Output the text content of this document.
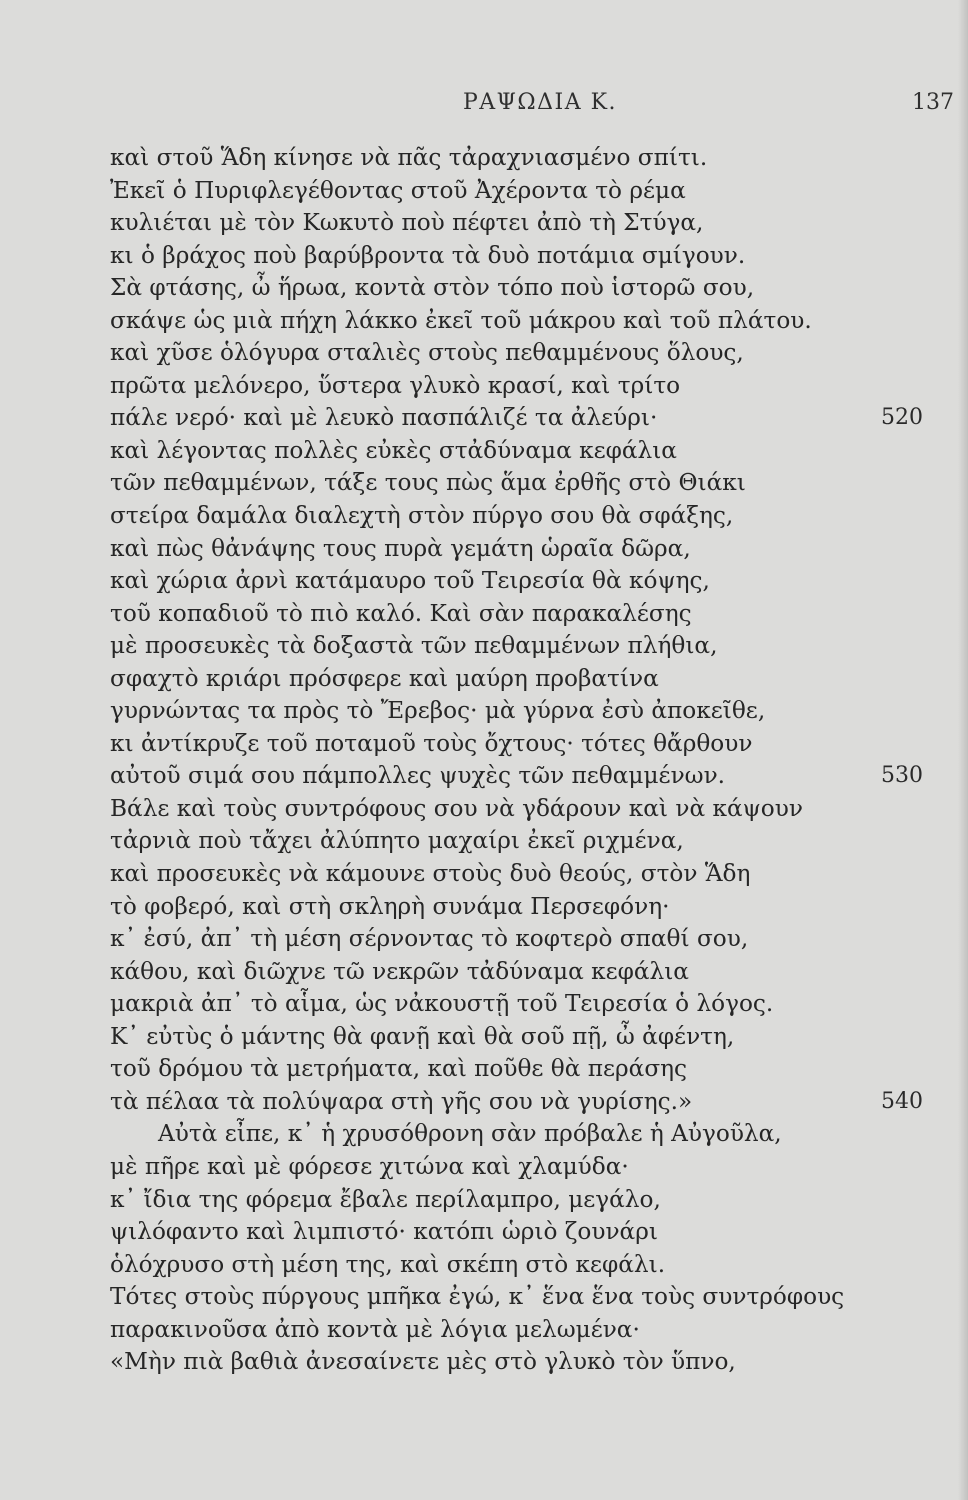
ΡΑΨΩΔΙΑ Κ.	137
καὶ στοῦ Ἅδη κίνησε νὰ πᾶς τἀραχνιασμένο σπίτι.
Ἐκεῖ ὁ Πυριφλεγέθοντας στοῦ Ἀχέροντα τὸ ρέμα
κυλιέται μὲ τὸν Κωκυτὸ ποὺ πέφτει ἀπὸ τὴ Στύγα,
κι ὁ βράχος ποὺ βαρύβροντα τὰ δυὸ ποτάμια σμίγουν.
Σὰ φτάσης, ὦ ἥρωα, κοντὰ στὸν τόπο ποὺ ἱστορῶ σου,
σκάψε ὡς μιὰ πήχη λάκκο ἐκεῖ τοῦ μάκρου καὶ τοῦ πλάτου.
καὶ χῦσε ὁλόγυρα σταλιὲς στοὺς πεθαμμένους ὅλους,
πρῶτα μελόνερο, ὕστερα γλυκὸ κρασί, καὶ τρίτο
πάλε νερό· καὶ μὲ λευκὸ πασπάλιζέ τα ἀλεύρι·	520
καὶ λέγοντας πολλὲς εὐκὲς στἀδύναμα κεφάλια
τῶν πεθαμμένων, τάξε τους πὼς ἅμα ἐρθῆς στὸ Θιάκι
στείρα δαμάλα διαλεχτὴ στὸν πύργο σου θὰ σφάξης,
καὶ πὼς θἀνάψης τους πυρὰ γεμάτη ὡραῖα δῶρα,
καὶ χώρια ἀρνὶ κατάμαυρο τοῦ Τειρεσία θὰ κόψης,
τοῦ κοπαδιοῦ τὸ πιὸ καλό. Καὶ σὰν παρακαλέσης
μὲ προσευκὲς τὰ δοξαστὰ τῶν πεθαμμένων πλήθια,
σφαχτὸ κριάρι πρόσφερε καὶ μαύρη προβατίνα
γυρνώντας τα πρὸς τὸ Ἔρεβος· μὰ γύρνα ἐσὺ ἀποκεῖθε,
κι ἀντίκρυζε τοῦ ποταμοῦ τοὺς ὄχτους· τότες θἄρθουν
αὐτοῦ σιμά σου πάμπολλες ψυχὲς τῶν πεθαμμένων.	530
Βάλε καὶ τοὺς συντρόφους σου νὰ γδάρουν καὶ νὰ κάψουν
τἀρνιὰ ποὺ τἄχει ἀλύπητο μαχαίρι ἐκεῖ ριχμένα,
καὶ προσευκὲς νὰ κάμουνε στοὺς δυὸ θεούς, στὸν Ἅδη
τὸ φοβερό, καὶ στὴ σκληρὴ συνάμα Περσεφόνη·
κ᾽ ἐσύ, ἀπ᾽ τὴ μέση σέρνοντας τὸ κοφτερὸ σπαθί σου,
κάθου, καὶ διῶχνε τῶ νεκρῶν τἀδύναμα κεφάλια
μακριὰ ἀπ᾽ τὸ αἷμα, ὡς νἀκουστῇ τοῦ Τειρεσία ὁ λόγος.
Κ᾽ εὐτὺς ὁ μάντης θὰ φανῇ καὶ θὰ σοῦ πῇ, ὦ ἀφέντη,
τοῦ δρόμου τὰ μετρήματα, καὶ ποῦθε θὰ περάσης
τὰ πέλαα τὰ πολύψαρα στὴ γῆς σου νὰ γυρίσης.»	540
Αὐτὰ εἶπε, κ᾽ ἡ χρυσόθρονη σὰν πρόβαλε ἡ Αὐγοῦλα,
μὲ πῆρε καὶ μὲ φόρεσε χιτώνα καὶ χλαμύδα·
κ᾽ ἴδια της φόρεμα ἔβαλε περίλαμπρο, μεγάλο,
ψιλόφαντο καὶ λιμπιστό· κατόπι ὡριὸ ζουνάρι
ὁλόχρυσο στὴ μέση της, καὶ σκέπη στὸ κεφάλι.
Τότες στοὺς πύργους μπῆκα ἐγώ, κ᾽ ἕνα ἕνα τοὺς συντρόφους
παρακινοῦσα ἀπὸ κοντὰ μὲ λόγια μελωμένα·
«Μὴν πιὰ βαθιὰ ἀνεσαίνετε μὲς στὸ γλυκὸ τὸν ὕπνο,
